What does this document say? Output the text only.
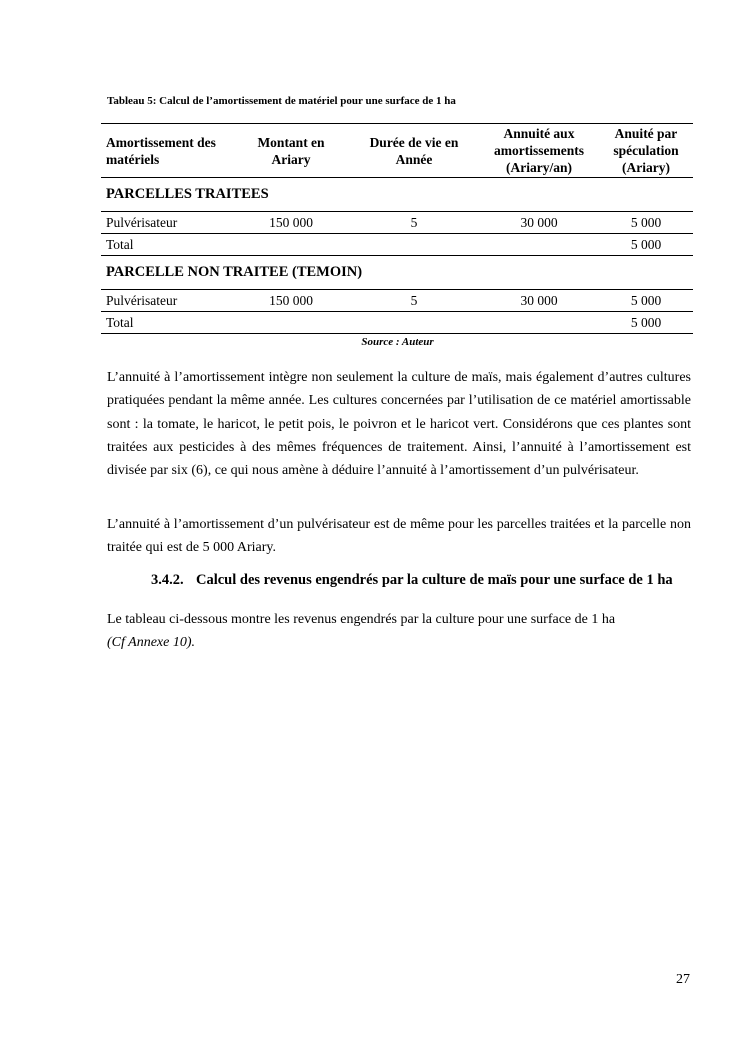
Tableau 5: Calcul de l’amortissement de matériel pour une surface de 1 ha
Amortissement des matériels	Montant en Ariary	Durée de vie en Année	Annuité aux amortissements (Ariary/an)	Anuité par spéculation (Ariary)
PARCELLES TRAITEES				
Pulvérisateur	150 000	5	30 000	5 000
Total				5 000
PARCELLE NON TRAITEE (TEMOIN)				
Pulvérisateur	150 000	5	30 000	5 000
Total				5 000
Source : Auteur

L’annuité à l’amortissement intègre non seulement la culture de maïs, mais également d’autres cultures pratiquées pendant la même année. Les cultures concernées par l’utilisation de ce matériel amortissable sont : la tomate, le haricot, le petit pois, le poivron et le haricot vert. Considérons que ces plantes sont traitées aux pesticides à des mêmes fréquences de traitement. Ainsi, l’annuité à l’amortissement est divisée par six (6), ce qui nous amène à déduire l’annuité à l’amortissement d’un pulvérisateur.

L’annuité à l’amortissement d’un pulvérisateur est de même pour les parcelles traitées et la parcelle non traitée qui est de 5 000 Ariary.

3.4.2. Calcul des revenus engendrés par la culture de maïs pour une surface de 1 ha

Le tableau ci-dessous montre les revenus engendrés par la culture pour une surface de 1 ha
(Cf Annexe 10).

27
